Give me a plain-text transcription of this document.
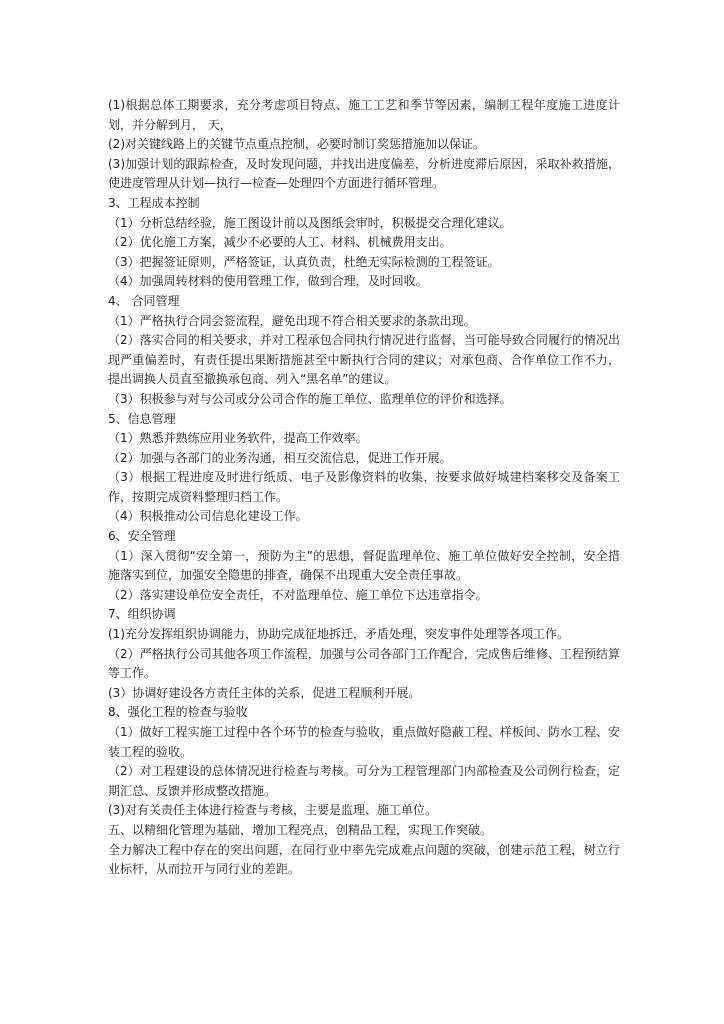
(1)根据总体工期要求，充分考虑项目特点、施工工艺和季节等因素，编制工程年度施工进度计划，并分解到月， 天，

(2)对关键线路上的关键节点重点控制，必要时制订奖惩措施加以保证。

(3)加强计划的跟踪检查，及时发现问题，并找出进度偏差，分析进度滞后原因，采取补救措施，使进度管理从计划—执行—检查—处理四个方面进行循环管理。

3、工程成本控制

（1）分析总结经验，施工图设计前以及图纸会审时，积极提交合理化建议。

（2）优化施工方案，减少不必要的人工、材料、机械费用支出。

（3）把握签证原则，严格签证，认真负责，杜绝无实际检测的工程签证。

（4）加强周转材料的使用管理工作，做到合理，及时回收。

4、 合同管理

（1）严格执行合同会签流程，避免出现不符合相关要求的条款出现。

（2）落实合同的相关要求，并对工程承包合同执行情况进行监督，当可能导致合同履行的情况出现严重偏差时，有责任提出果断措施甚至中断执行合同的建议；对承包商、合作单位工作不力，提出调换人员直至撤换承包商、列入“黑名单”的建议。

（3）积极参与对与公司或分公司合作的施工单位、监理单位的评价和选择。

5、信息管理

（1）熟悉并熟练应用业务软件，提高工作效率。

（2）加强与各部门的业务沟通，相互交流信息，促进工作开展。

（3）根据工程进度及时进行纸质、电子及影像资料的收集，按要求做好城建档案移交及备案工作，按期完成资料整理归档工作。

（4）积极推动公司信息化建设工作。

6、安全管理

（1）深入贯彻“安全第一，预防为主”的思想，督促监理单位、施工单位做好安全控制，安全措施落实到位，加强安全隐患的排查，确保不出现重大安全责任事故。

（2）落实建设单位安全责任，不对监理单位、施工单位下达违章指令。

7、组织协调

(1)充分发挥组织协调能力，协助完成征地拆迁，矛盾处理，突发事件处理等各项工作。

（2）严格执行公司其他各项工作流程，加强与公司各部门工作配合，完成售后维修、工程预结算等工作。

(3）协调好建设各方责任主体的关系，促进工程顺利开展。

8、强化工程的检查与验收

（1）做好工程实施工过程中各个环节的检查与验收，重点做好隐蔽工程、样板间、防水工程、安装工程的验收。

（2）对工程建设的总体情况进行检查与考核。可分为工程管理部门内部检查及公司例行检查，定期汇总、反馈并形成整改措施。

(3)对有关责任主体进行检查与考核，主要是监理、施工单位。

五、以精细化管理为基础，增加工程亮点，创精品工程，实现工作突破。

全力解决工程中存在的突出问题，在同行业中率先完成难点问题的突破，创建示范工程，树立行业标杆，从而拉开与同行业的差距。
